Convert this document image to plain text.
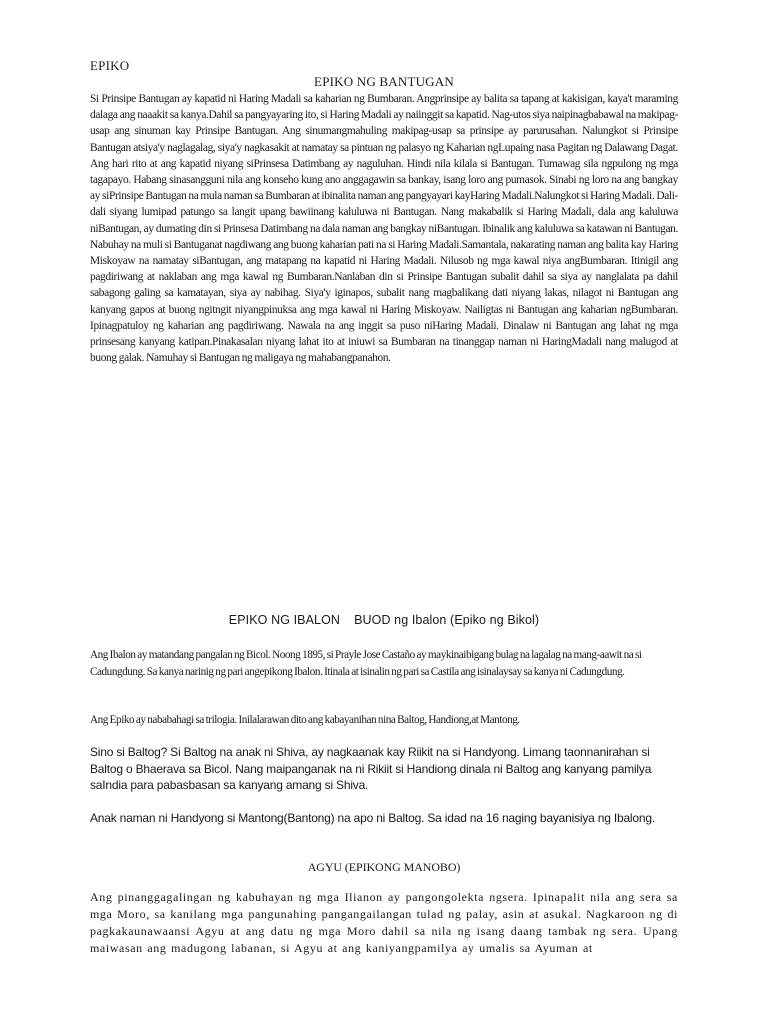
EPIKO
EPIKO NG BANTUGAN
Si Prinsipe Bantugan ay kapatid ni Haring Madali sa kaharian ng Bumbaran. Angprinsipe ay balita sa tapang at kakisigan, kaya't maraming dalaga ang naaakit sa kanya.Dahil sa pangyayaring ito, si Haring Madali ay naiinggit sa kapatid. Nag-utos siya naipinagbabawal na makipag-usap ang sinuman kay Prinsipe Bantugan. Ang sinumangmahuling makipag-usap sa prinsipe ay parurusahan. Nalungkot si Prinsipe Bantugan atsiya'y naglagalag, siya'y nagkasakit at namatay sa pintuan ng palasyo ng Kaharian ngLupaing nasa Pagitan ng Dalawang Dagat. Ang hari rito at ang kapatid niyang siPrinsesa Datimbang ay naguluhan. Hindi nila kilala si Bantugan. Tumawag sila ngpulong ng mga tagapayo. Habang sinasangguni nila ang konseho kung ano anggagawin sa bankay, isang loro ang pumasok. Sinabi ng loro na ang bangkay ay siPrinsipe Bantugan na mula naman sa Bumbaran at ibinalita naman ang pangyayari kayHaring Madali.Nalungkot si Haring Madali. Dali-dali siyang lumipad patungo sa langit upang bawiinang kaluluwa ni Bantugan. Nang makabalik si Haring Madali, dala ang kaluluwa niBantugan, ay dumating din si Prinsesa Datimbang na dala naman ang bangkay niBantugan. Ibinalik ang kaluluwa sa katawan ni Bantugan. Nabuhay na muli si Bantuganat nagdiwang ang buong kaharian pati na si Haring Madali.Samantala, nakarating naman ang balita kay Haring Miskoyaw na namatay siBantugan, ang matapang na kapatid ni Haring Madali. Nilusob ng mga kawal niya angBumbaran. Itinigil ang pagdiriwang at naklaban ang mga kawal ng Bumbaran.Nanlaban din si Prinsipe Bantugan subalit dahil sa siya ay nanglalata pa dahil sabagong galing sa kamatayan, siya ay nabihag. Siya'y iginapos, subalit nang magbalikang dati niyang lakas, nilagot ni Bantugan ang kanyang gapos at buong ngitngit niyangpinuksa ang mga kawal ni Haring Miskoyaw. Nailigtas ni Bantugan ang kaharian ngBumbaran. Ipinagpatuloy ng kaharian ang pagdiriwang. Nawala na ang inggit sa puso niHaring Madali. Dinalaw ni Bantugan ang lahat ng mga prinsesang kanyang katipan.Pinakasalan niyang lahat ito at iniuwi sa Bumbaran na tinanggap naman ni HaringMadali nang malugod at buong galak. Namuhay si Bantugan ng maligaya ng mahabangpanahon.
EPIKO NG IBALON BUOD ng Ibalon (Epiko ng Bikol)
Ang Ibalon ay matandang pangalan ng Bicol. Noong 1895, si Prayle Jose Castaño ay maykinaibigang bulag na lagalag na mang-aawit na si Cadungdung. Sa kanya narinig ng pari angepikong Ibalon. Itinala at isinalin ng pari sa Castila ang isinalaysay sa kanya ni Cadungdung.
Ang Epiko ay nababahagi sa trilogia. Inilalarawan dito ang kabayanihan nina Baltog, Handiong,at Mantong.
Sino si Baltog? Si Baltog na anak ni Shiva, ay nagkaanak kay Riikit na si Handyong. Limang taonnanirahan si Baltog o Bhaerava sa Bicol. Nang maipanganak na ni Rikiit si Handiong dinala ni Baltog ang kanyang pamilya saIndia para pabasbasan sa kanyang amang si Shiva.
Anak naman ni Handyong si Mantong(Bantong) na apo ni Baltog. Sa idad na 16 naging bayanisiya ng Ibalong.
AGYU (EPIKONG MANOBO)
Ang pinanggagalingan ng kabuhayan ng mga Ilianon ay pangongolekta ngsera. Ipinapalit nila ang sera sa mga Moro, sa kanilang mga pangunahing pangangailangan tulad ng palay, asin at asukal. Nagkaroon ng di pagkakaunawaansi Agyu at ang datu ng mga Moro dahil sa nila ng isang daang tambak ng sera. Upang maiwasan ang madugong labanan, si Agyu at ang kaniyangpamilya ay umalis sa Ayuman at
